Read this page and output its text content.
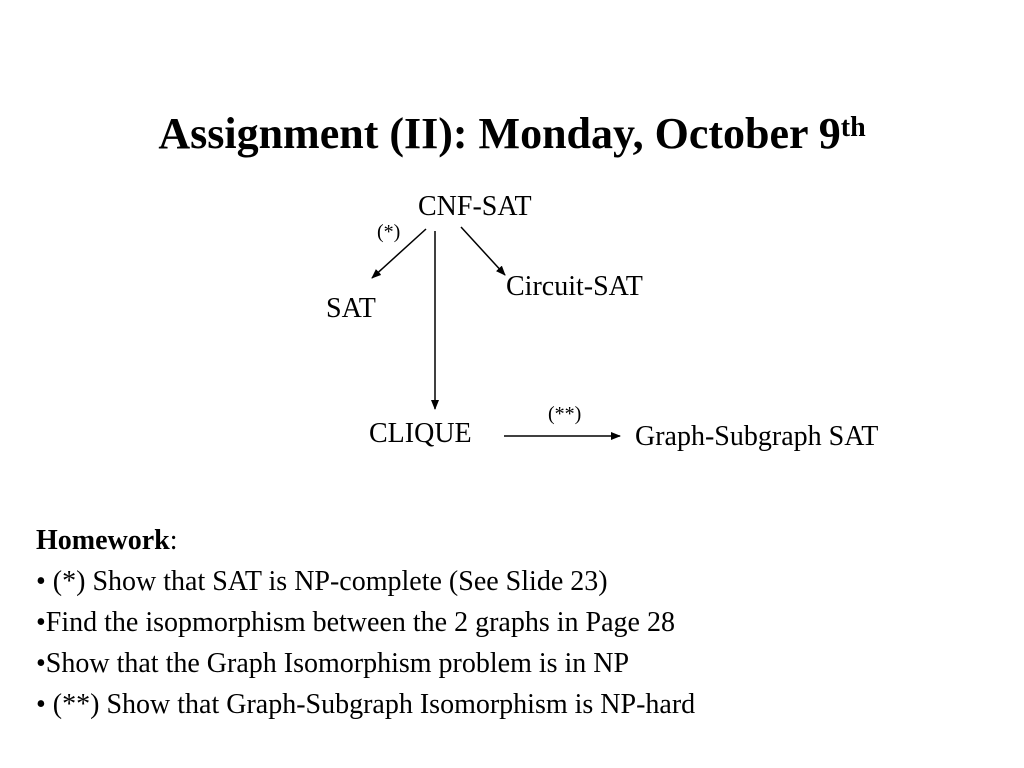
Assignment (II): Monday, October 9th
CNF-SAT
(*)
SAT
Circuit-SAT
CLIQUE
(**)
Graph-Subgraph SAT
Homework:
• (*) Show that SAT is NP-complete (See Slide 23)
•Find the isopmorphism between the 2 graphs in Page 28
•Show that the Graph Isomorphism problem is in NP
• (**) Show that Graph-Subgraph Isomorphism is NP-hard
